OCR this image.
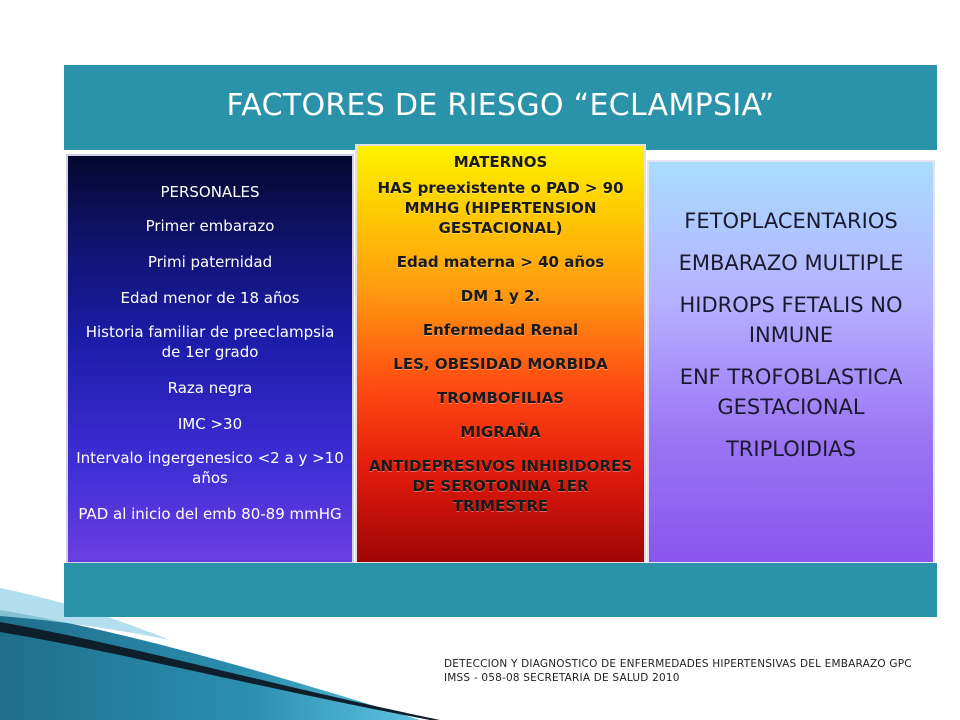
FACTORES DE RIESGO “ECLAMPSIA”
PERSONALES
Primer embarazo
Primi paternidad
Edad menor de 18 años
Historia familiar de preeclampsia de 1er grado
Raza negra
IMC >30
Intervalo ingergenesico <2 a y >10 años
PAD al inicio del emb 80-89 mmHG
MATERNOS
HAS preexistente o PAD > 90 MMHG (HIPERTENSION GESTACIONAL)
Edad materna > 40 años
DM 1 y 2.
Enfermedad Renal
LES, OBESIDAD MORBIDA
TROMBOFILIAS
MIGRAÑA
ANTIDEPRESIVOS INHIBIDORES DE SEROTONINA 1ER TRIMESTRE
FETOPLACENTARIOS
EMBARAZO MULTIPLE
HIDROPS FETALIS NO INMUNE
ENF TROFOBLASTICA GESTACIONAL
TRIPLOIDIAS
DETECCION Y DIAGNOSTICO DE ENFERMEDADES HIPERTENSIVAS DEL EMBARAZO GPC IMSS - 058-08 SECRETARIA DE SALUD 2010
